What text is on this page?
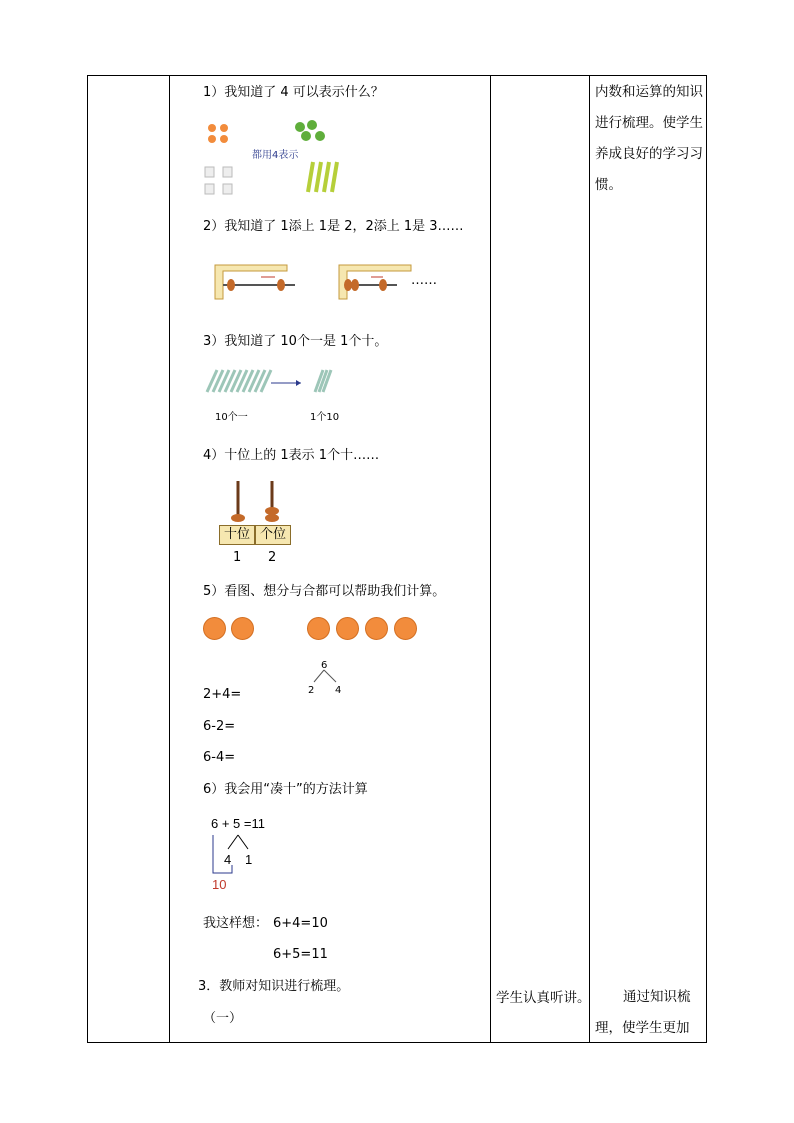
1）我知道了 4 可以表示什么？
都用4表示
2）我知道了 1添上 1是 2，2添上 1是 3……
……
3）我知道了 10个一是 1个十。
10个一	1个10
4）十位上的 1表示 1个十……
十位 个位
1 2
5）看图、想分与合都可以帮助我们计算。
6
2 4
2+4=
6-2=
6-4=
6）我会用“凑十”的方法计算
6 + 5 =11
4 1
10
我这样想： 6+4=10
6+5=11
3．教师对知识进行梳理。
（一）
学生认真听讲。
内数和运算的知识进行梳理。使学生养成良好的学习习惯。
通过知识梳理，使学生更加
